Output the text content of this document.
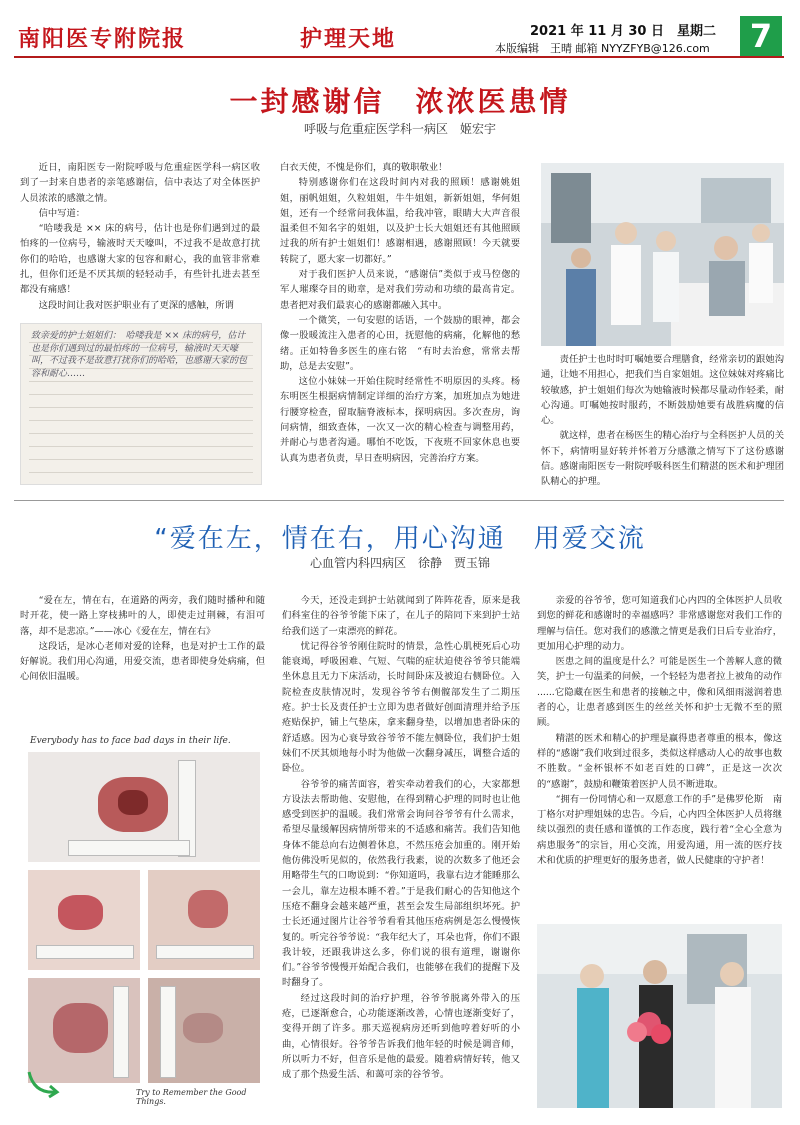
南阳医专附院报	护理天地	2021 年 11 月 30 日　星期二
本版编辑　王晴 邮箱 NYYZFYB@126.com	7
一封感谢信　浓浓医患情
呼吸与危重症医学科一病区　姬宏宇

近日，南阳医专一附院呼吸与危重症医学科一病区收到了一封来自患者的亲笔感谢信，信中表达了对全体医护人员浓浓的感激之情。

信中写道：

“哈喽我是 ×× 床的病号，估计也是你们遇到过的最怕疼的一位病号，输液时天天嚎叫，不过我不是故意打扰你们的哈哈，也感谢大家的包容和耐心，我的血管非常难扎，但你们还是不厌其烦的轻轻动手，有些针扎进去甚至都没有痛感！

这段时间让我对医护职业有了更深的感触，所谓

致亲爱的护士姐姐们：　哈喽我是 ×× 床的病号，估计也是你们遇到过的最怕疼的一位病号，输液时天天嚎叫，不过我不是故意打扰你们的哈哈，也感谢大家的包容和耐心……

白衣天使，不愧是你们，真的敬职敬业！

特别感谢你们在这段时间内对我的照顾！感谢姚姐姐，丽帆姐姐，久粒姐姐，牛牛姐姐，新新姐姐，华何姐姐，还有一个经常问我体温，给我冲管，眼睛大大声音很温柔但不知名字的姐姐，以及护士长大姐姐还有其他照顾过我的所有护士姐姐们！感谢相遇，感谢照顾！今天就要转院了，愿大家一切都好。”

对于我们医护人员来说，“感谢信”类似于戎马倥偬的军人璀璨夺目的勋章，是对我们劳动和功绩的最高肯定。患者把对我们最衷心的感谢都融入其中。

一个微笑，一句安慰的话语，一个鼓励的眼神，都会像一股暖流注入患者的心田，抚慰他的病痛，化解他的愁绪。正如特鲁多医生的座右铭　“有时去治愈，常常去帮助，总是去安慰”。

这位小妹妹一开始住院时经常性不明原因的头疼。杨东明医生根据病情制定详细的治疗方案，加班加点为她进行腰穿检查，留取脑脊液标本，探明病因。多次查房，询问病情，细致查体，一次又一次的精心检查与调整用药，并耐心与患者沟通。哪怕不吃饭，下夜班不回家休息也要认真为患者负责，早日查明病因，完善治疗方案。

责任护士也时时叮嘱她要合理膳食，经常亲切的跟她沟通，让她不用担心，把我们当自家姐姐。这位妹妹对疼痛比较敏感，护士姐姐们每次为她输液时候都尽量动作轻柔，耐心沟通。叮嘱她按时服药，不断鼓励她要有战胜病魔的信心。

就这样，患者在杨医生的精心治疗与全科医护人员的关怀下，病情明显好转并怀着万分感激之情写下了这份感谢信。感谢南阳医专一附院呼吸科医生们精湛的医术和护理团队精心的护理。

“爱在左，情在右，用心沟通　用爱交流
心血管内科四病区　徐静　贾玉锦

“爱在左，情在右，在道路的两旁，我们随时播种和随时开花，使一路上穿枝拂叶的人，即使走过荆棘，有泪可落，却不是悲凉。”——冰心《爱在左，情在右》

这段话，是冰心老师对爱的诠释，也是对护士工作的最好解说。我们用心沟通，用爱交流，患者即使身处病痛，但心间依旧温暖。

Everybody has to face bad days in their life.
Try to Remember the Good Things.

今天，还没走到护士站就闻到了阵阵花香，原来是我们科室住的谷爷爷能下床了，在儿子的陪同下来到护士站给我们送了一束漂亮的鲜花。

忧记得谷爷爷刚住院时的情景，急性心肌梗死后心功能衰竭，呼吸困难、气短、气喘的症状迫使谷爷爷只能端坐休息且无力下床活动，长时间卧床及被迫右侧卧位。入院检查皮肤情况时，发现谷爷爷右侧髋部发生了二期压疮。护士长及责任护士立即为患者做好创面清理并给予压疮贴保护，铺上气垫床，拿来翻身垫，以增加患者卧床的舒适感。因为心衰导致谷爷爷不能左侧卧位，我们护士姐妹们不厌其烦地每小时为他做一次翻身减压，调整合适的卧位。

谷爷爷的痛苦面容，着实牵动着我们的心，大家都想方设法去帮助他、安慰他，在得到精心护理的同时也让他感受到医护的温暖。我们常常会询问谷爷爷有什么需求，希望尽量缓解因病情所带来的不适感和痛苦。我们告知他身体不能总向右边侧着休息，不然压疮会加重的。刚开始他仿佛没听见似的，依然我行我素，说的次数多了他还会用略带生气的口吻说到：“你知道吗，我靠右边才能睡那么一会儿，靠左边根本睡不着。”于是我们耐心的告知他这个压疮不翻身会越来越严重，甚至会发生局部组织坏死。护士长还通过图片让谷爷爷看看其他压疮病例是怎么慢慢恢复的。听完谷爷爷说：“我年纪大了，耳朵也背，你们不跟我计较，还跟我讲这么多，你们说的很有道理，谢谢你们。”谷爷爷慢慢开始配合我们，也能够在我们的提醒下及时翻身了。

经过这段时间的治疗护理，谷爷爷脱离外带入的压疮，已逐渐愈合，心功能逐渐改善，心情也逐渐变好了，变得开朗了许多。那天巡视病房还听到他哼着好听的小曲，心情很好。谷爷爷告诉我们他年轻的时候是调音师，所以听力不好，但音乐是他的最爱。随着病情好转，他又成了那个热爱生活、和蔼可亲的谷爷爷。

亲爱的谷爷爷，您可知道我们心内四的全体医护人员收到您的鲜花和感谢时的幸福感吗？非常感谢您对我们工作的理解与信任。您对我们的感激之情更是我们日后专业治疗，更加用心护理的动力。

医患之间的温度是什么？可能是医生一个善解人意的微笑，护士一句温柔的问候，一个轻轻为患者拉上被角的动作 ......它隐藏在医生和患者的接触之中，像和风细雨滋润着患者的心，让患者感到医生的丝丝关怀和护士无微不至的照顾。

精湛的医术和精心的护理是赢得患者尊重的根本，像这样的“感谢”我们收到过很多，类似这样感动人心的故事也数不胜数。“金杯银杯不如老百姓的口碑”，正是这一次次的“感谢”，鼓励和鞭策着医护人员不断进取。

“拥有一份同情心和一双愿意工作的手”是佛罗伦斯　南丁格尔对护理姐妹的忠告。今后，心内四全体医护人员将继续以强烈的责任感和谨慎的工作态度，践行着“全心全意为病患服务”的宗旨，用心交流，用爱沟通，用一流的医疗技术和优质的护理更好的服务患者，做人民健康的守护者！
